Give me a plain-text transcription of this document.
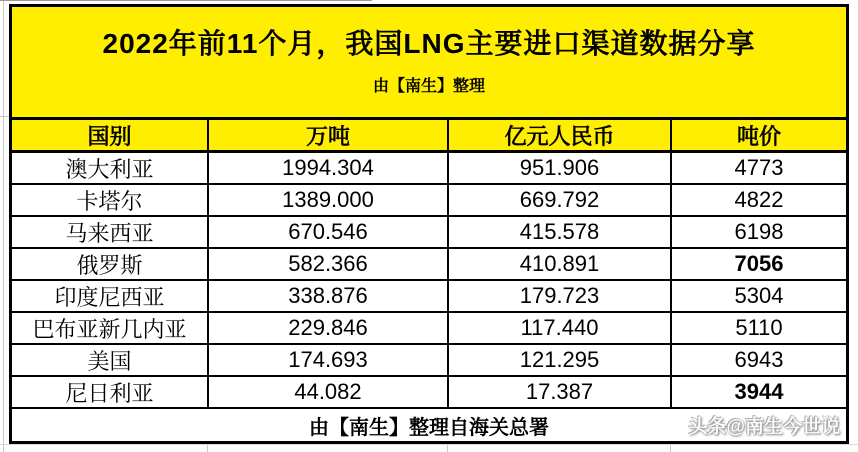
2022年前11个月，我国LNG主要进口渠道数据分享
由【南生】整理
国别	万吨	亿元人民币	吨价
澳大利亚	1994.304	951.906	4773
卡塔尔	1389.000	669.792	4822
马来西亚	670.546	415.578	6198
俄罗斯	582.366	410.891	7056
印度尼西亚	338.876	179.723	5304
巴布亚新几内亚	229.846	117.440	5110
美国	174.693	121.295	6943
尼日利亚	44.082	17.387	3944
由【南生】整理自海关总署	头条@南生今世说
